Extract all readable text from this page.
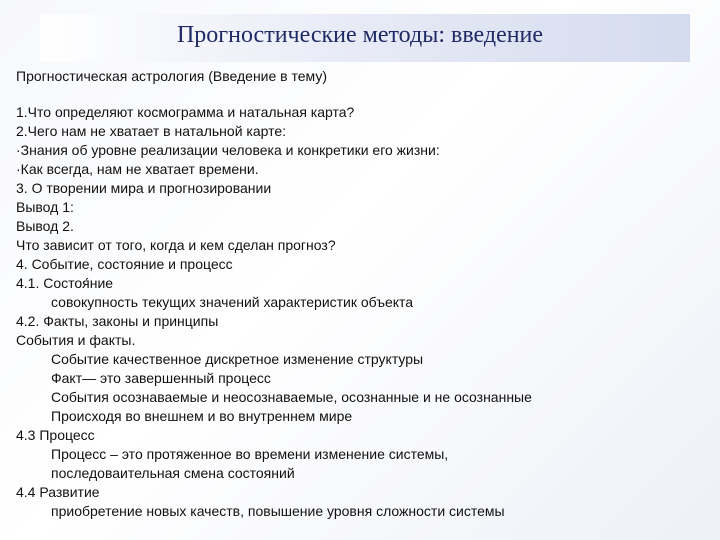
Прогностические методы: введение

Прогностическая астрология (Введение в тему)

1.Что определяют космограмма и натальная карта?
2.Чего нам не хватает в натальной карте:
·Знания об уровне реализации человека и конкретики его жизни:
·Как всегда, нам не хватает времени.
3. О творении мира и прогнозировании
Вывод 1:
Вывод 2.
Что зависит от того, когда и кем сделан прогноз?
4. Событие, состояние и процесс
4.1. Состоя́ние
совокупность текущих значений характеристик объекта
4.2. Факты, законы и принципы
События и факты.
Событие качественное дискретное изменение структуры
Факт— это завершенный процесс
События осознаваемые и неосознаваемые, осознанные и не осознанные
Происходя во внешнем и во внутреннем мире
4.3 Процесс
Процесс – это протяженное во времени изменение системы,
последоваительная смена состояний
4.4 Развитие
приобретение новых качеств, повышение уровня сложности системы
